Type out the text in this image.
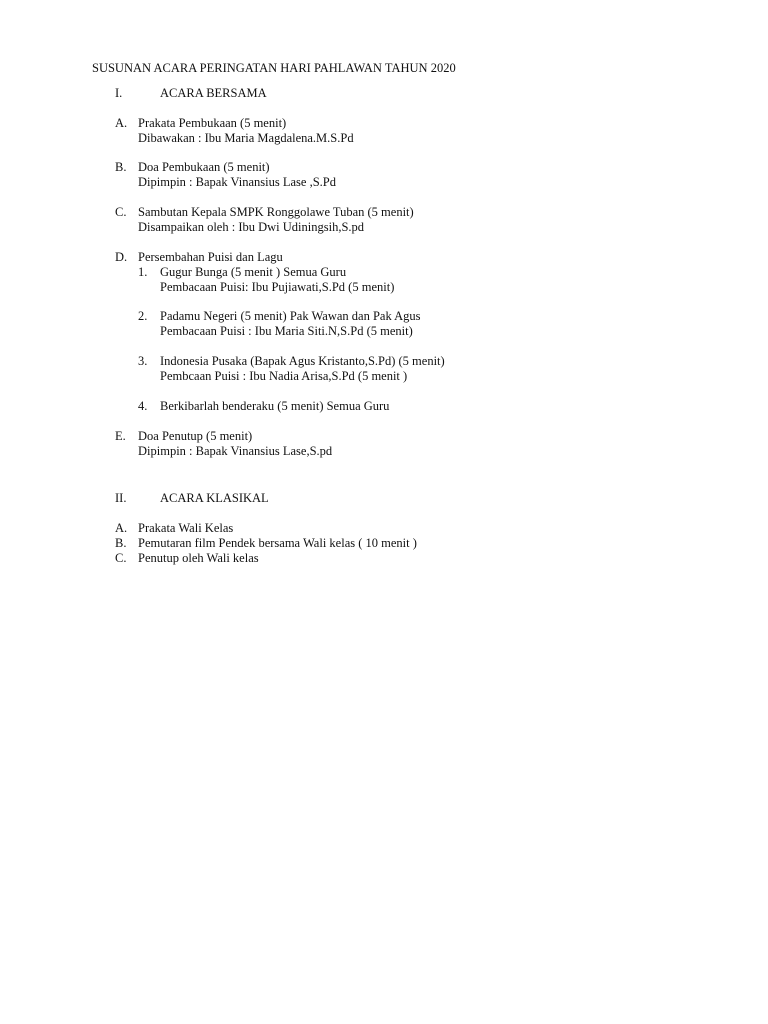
SUSUNAN ACARA PERINGATAN HARI PAHLAWAN TAHUN 2020
I.	ACARA BERSAMA
A. Prakata Pembukaan (5 menit)
Dibawakan : Ibu Maria Magdalena.M.S.Pd
B. Doa Pembukaan (5 menit)
Dipimpin : Bapak Vinansius Lase ,S.Pd
C. Sambutan Kepala SMPK Ronggolawe Tuban (5 menit)
Disampaikan oleh : Ibu Dwi Udiningsih,S.pd
D. Persembahan Puisi dan Lagu
1. Gugur Bunga (5 menit ) Semua Guru
Pembacaan Puisi: Ibu Pujiawati,S.Pd (5 menit)
2. Padamu Negeri (5 menit) Pak Wawan dan Pak Agus
Pembacaan Puisi : Ibu Maria Siti.N,S.Pd (5 menit)
3. Indonesia Pusaka (Bapak Agus Kristanto,S.Pd) (5 menit)
Pembcaan Puisi : Ibu Nadia Arisa,S.Pd (5 menit )
4. Berkibarlah benderaku (5 menit) Semua Guru
E. Doa Penutup (5 menit)
Dipimpin : Bapak Vinansius Lase,S.pd
II.	ACARA KLASIKAL
A. Prakata Wali Kelas
B. Pemutaran film Pendek bersama Wali kelas ( 10 menit )
C. Penutup oleh Wali kelas
